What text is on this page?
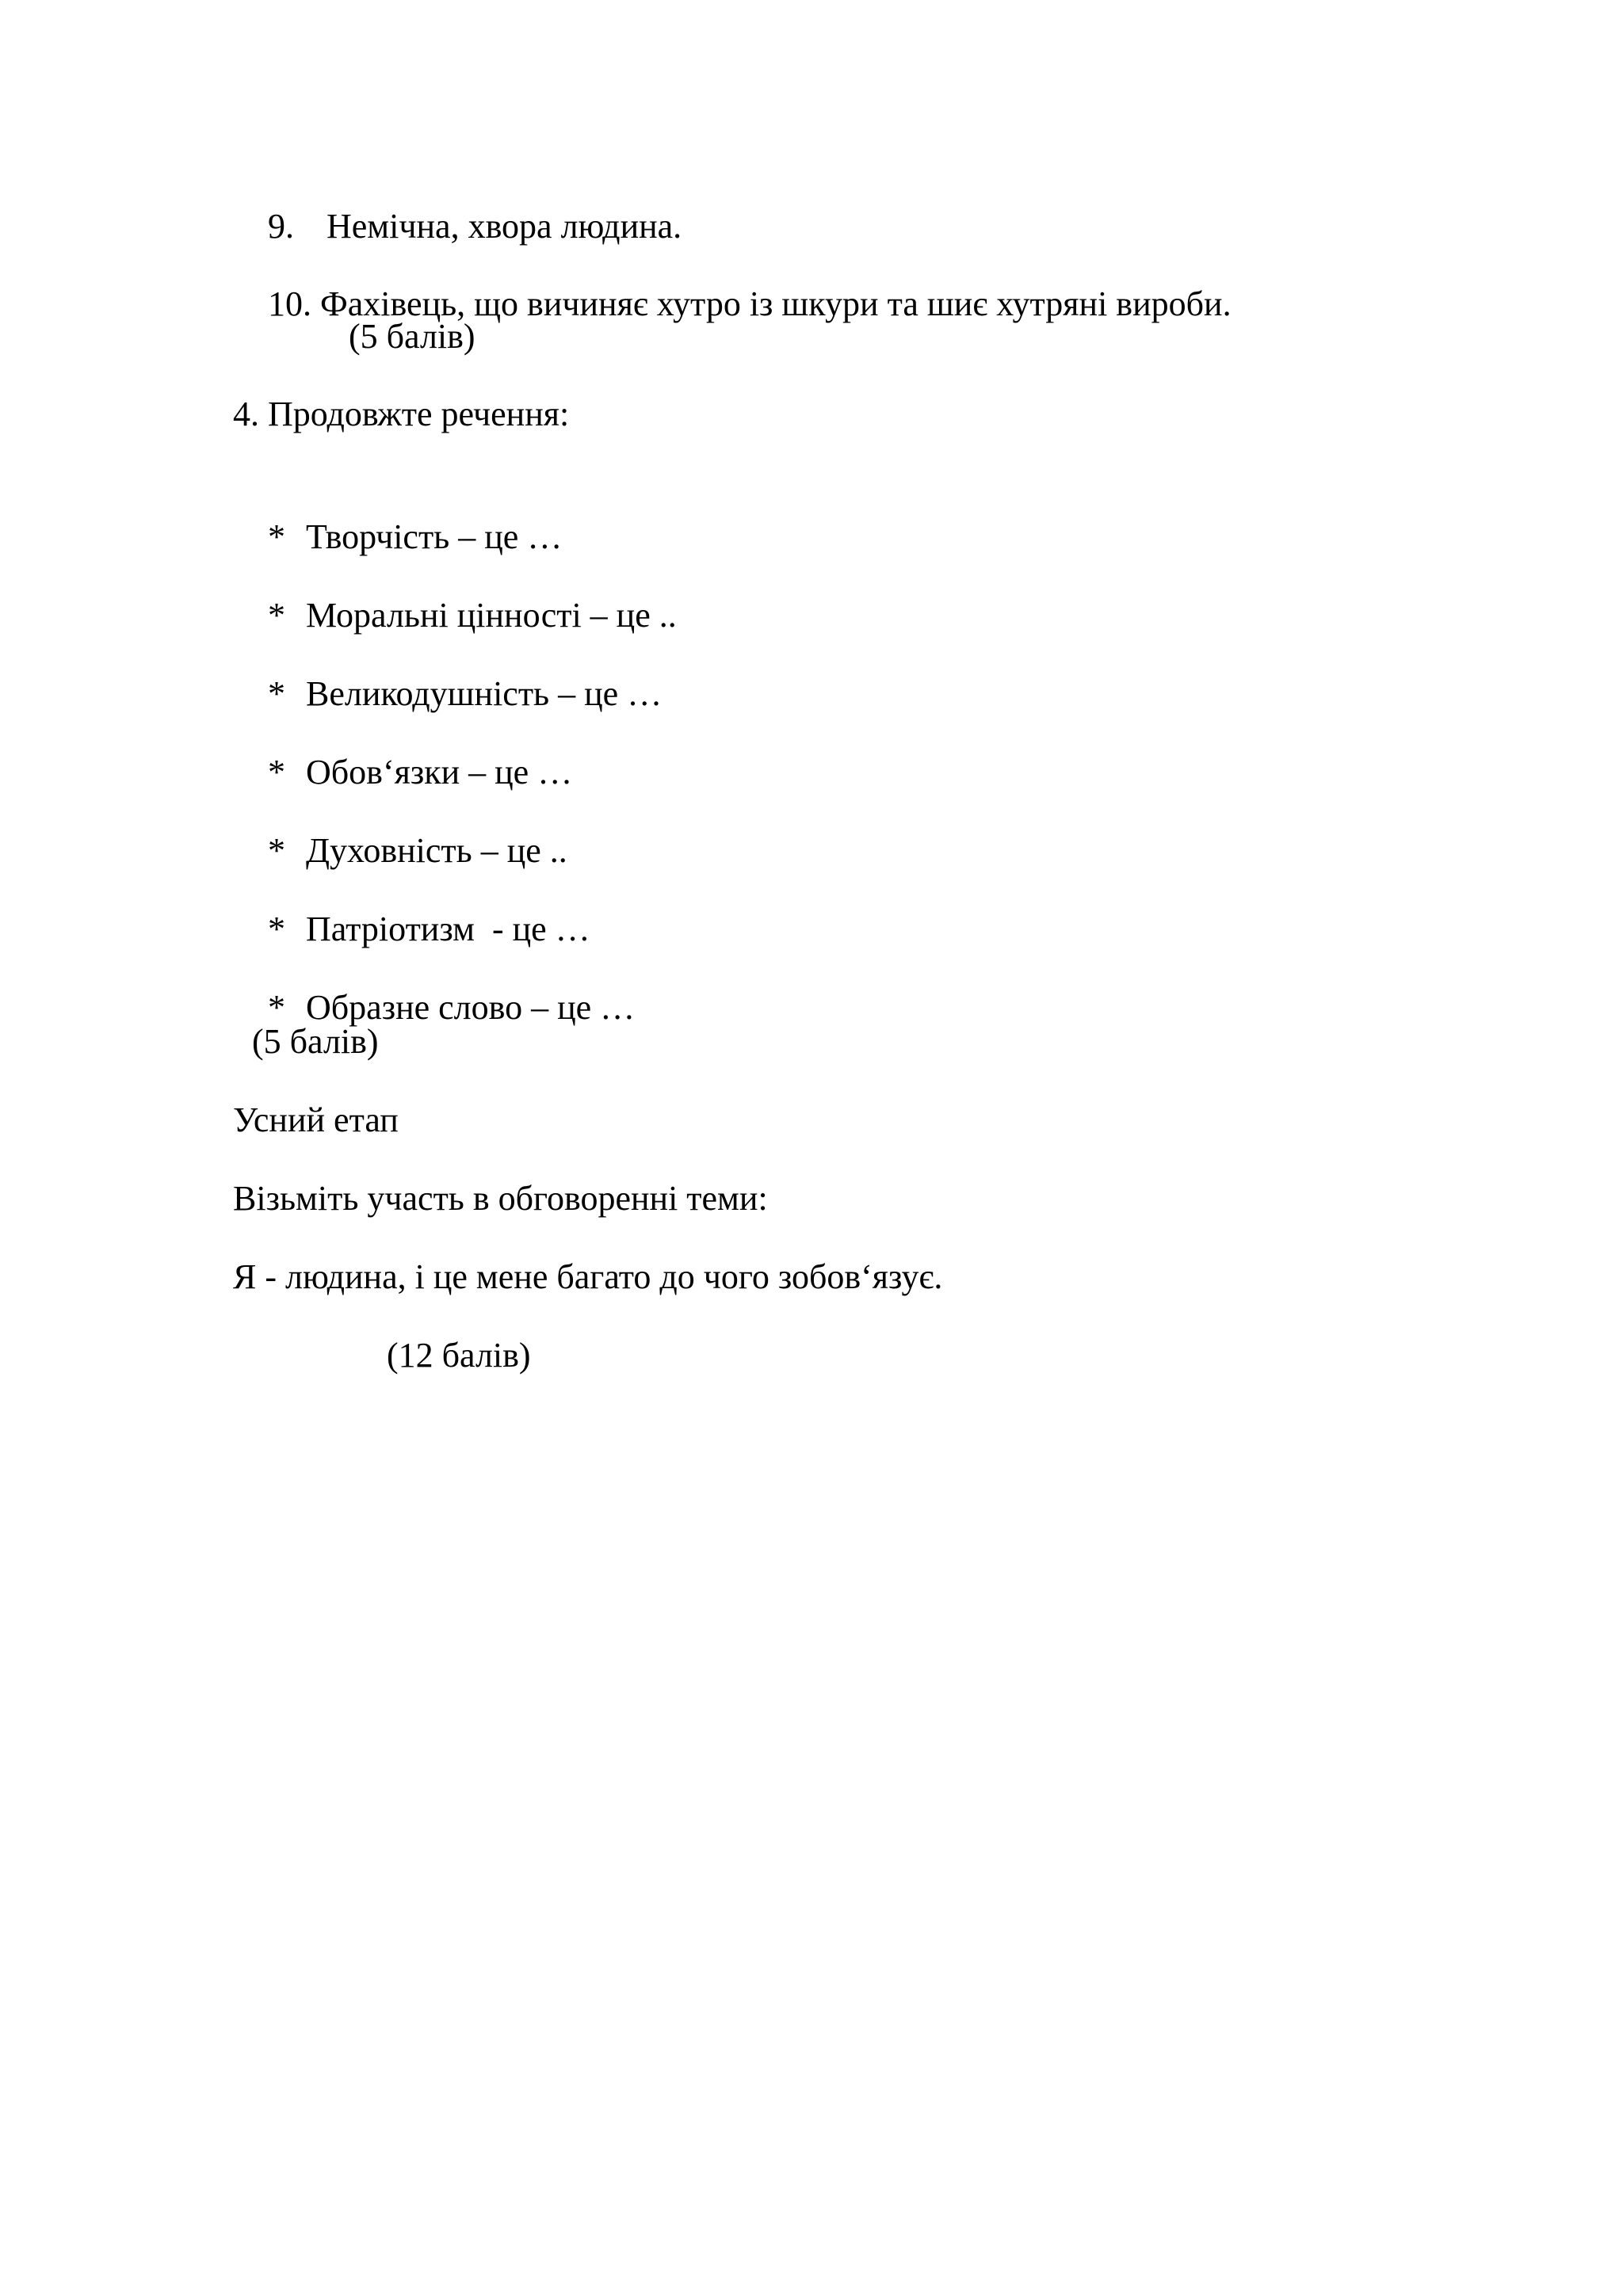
9. Немічна, хвора людина.

10. Фахівець, що вичиняє хутро із шкури та шиє хутряні вироби.

(5 балів)
4. Продовжте речення:

* Творчість – це …

* Моральні цінності – це ..

* Великодушність – це …

* Обов‘язки – це …

* Духовність – це ..

* Патріотизм  - це …

* Образне слово – це …

(5 балів)
Усний етап
Візьміть участь в обговоренні теми:
Я - людина, і це мене багато до чого зобов‘язує.
(12 балів)
